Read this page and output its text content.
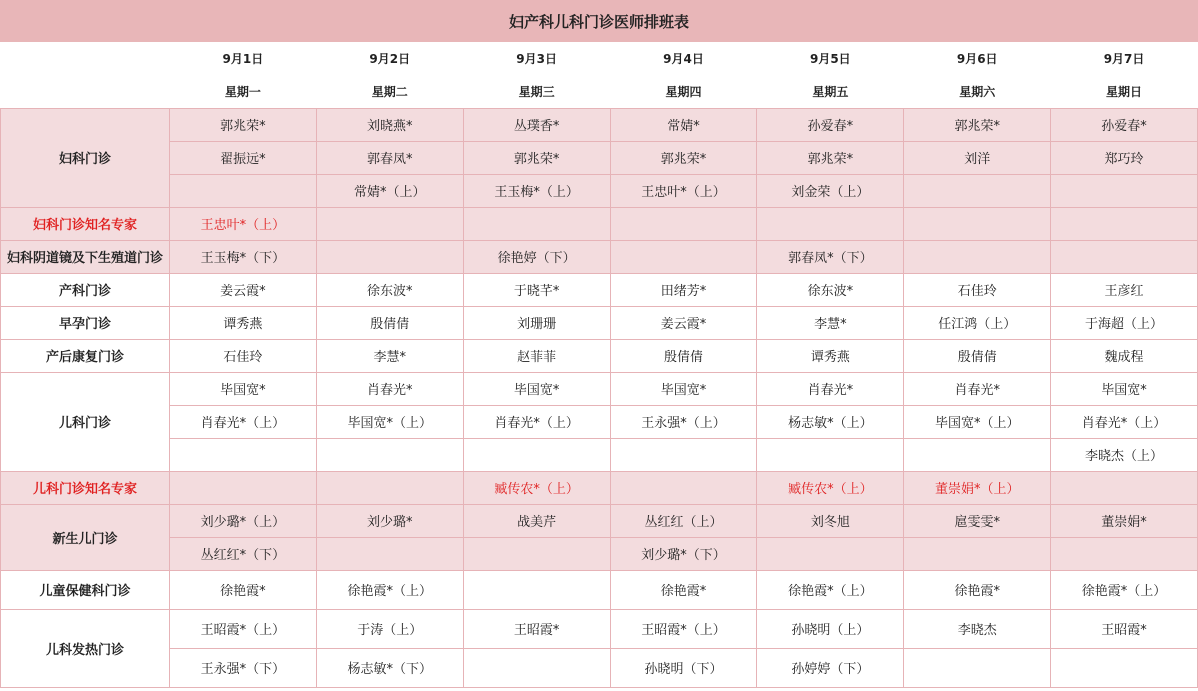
妇产科儿科门诊医师排班表
	9月1日	9月2日	9月3日	9月4日	9月5日	9月6日	9月7日
	星期一	星期二	星期三	星期四	星期五	星期六	星期日
妇科门诊	郭兆荣*	刘晓燕*	丛璞香*	常婧*	孙爱春*	郭兆荣*	孙爱春*
	翟振远*	郭春凤*	郭兆荣*	郭兆荣*	郭兆荣*	刘洋	郑巧玲
		常婧*（上）	王玉梅*（上）	王忠叶*（上）	刘金荣（上）		
妇科门诊知名专家	王忠叶*（上）						
妇科阴道镜及下生殖道门诊	王玉梅*（下）		徐艳婷（下）		郭春凤*（下）		
产科门诊	姜云霞*	徐东波*	于晓芊*	田绪芳*	徐东波*	石佳玲	王彦红
早孕门诊	谭秀燕	殷倩倩	刘珊珊	姜云霞*	李慧*	任江鸿（上）	于海超（上）
产后康复门诊	石佳玲	李慧*	赵菲菲	殷倩倩	谭秀燕	殷倩倩	魏成程
儿科门诊	毕国宽*	肖春光*	毕国宽*	毕国宽*	肖春光*	肖春光*	毕国宽*
	肖春光*（上）	毕国宽*（上）	肖春光*（上）	王永强*（上）	杨志敏*（上）	毕国宽*（上）	肖春光*（上）
							李晓杰（上）
儿科门诊知名专家			臧传农*（上）		臧传农*（上）	董崇娟*（上）	
新生儿门诊	刘少璐*（上）	刘少璐*	战美芹	丛红红（上）	刘冬旭	扈雯雯*	董崇娟*
	丛红红*（下）			刘少璐*（下）			
儿童保健科门诊	徐艳霞*	徐艳霞*（上）		徐艳霞*	徐艳霞*（上）	徐艳霞*	徐艳霞*（上）
儿科发热门诊	王昭霞*（上）	于涛（上）	王昭霞*	王昭霞*（上）	孙晓明（上）	李晓杰	王昭霞*
	王永强*（下）	杨志敏*（下）		孙晓明（下）	孙婷婷（下）		
